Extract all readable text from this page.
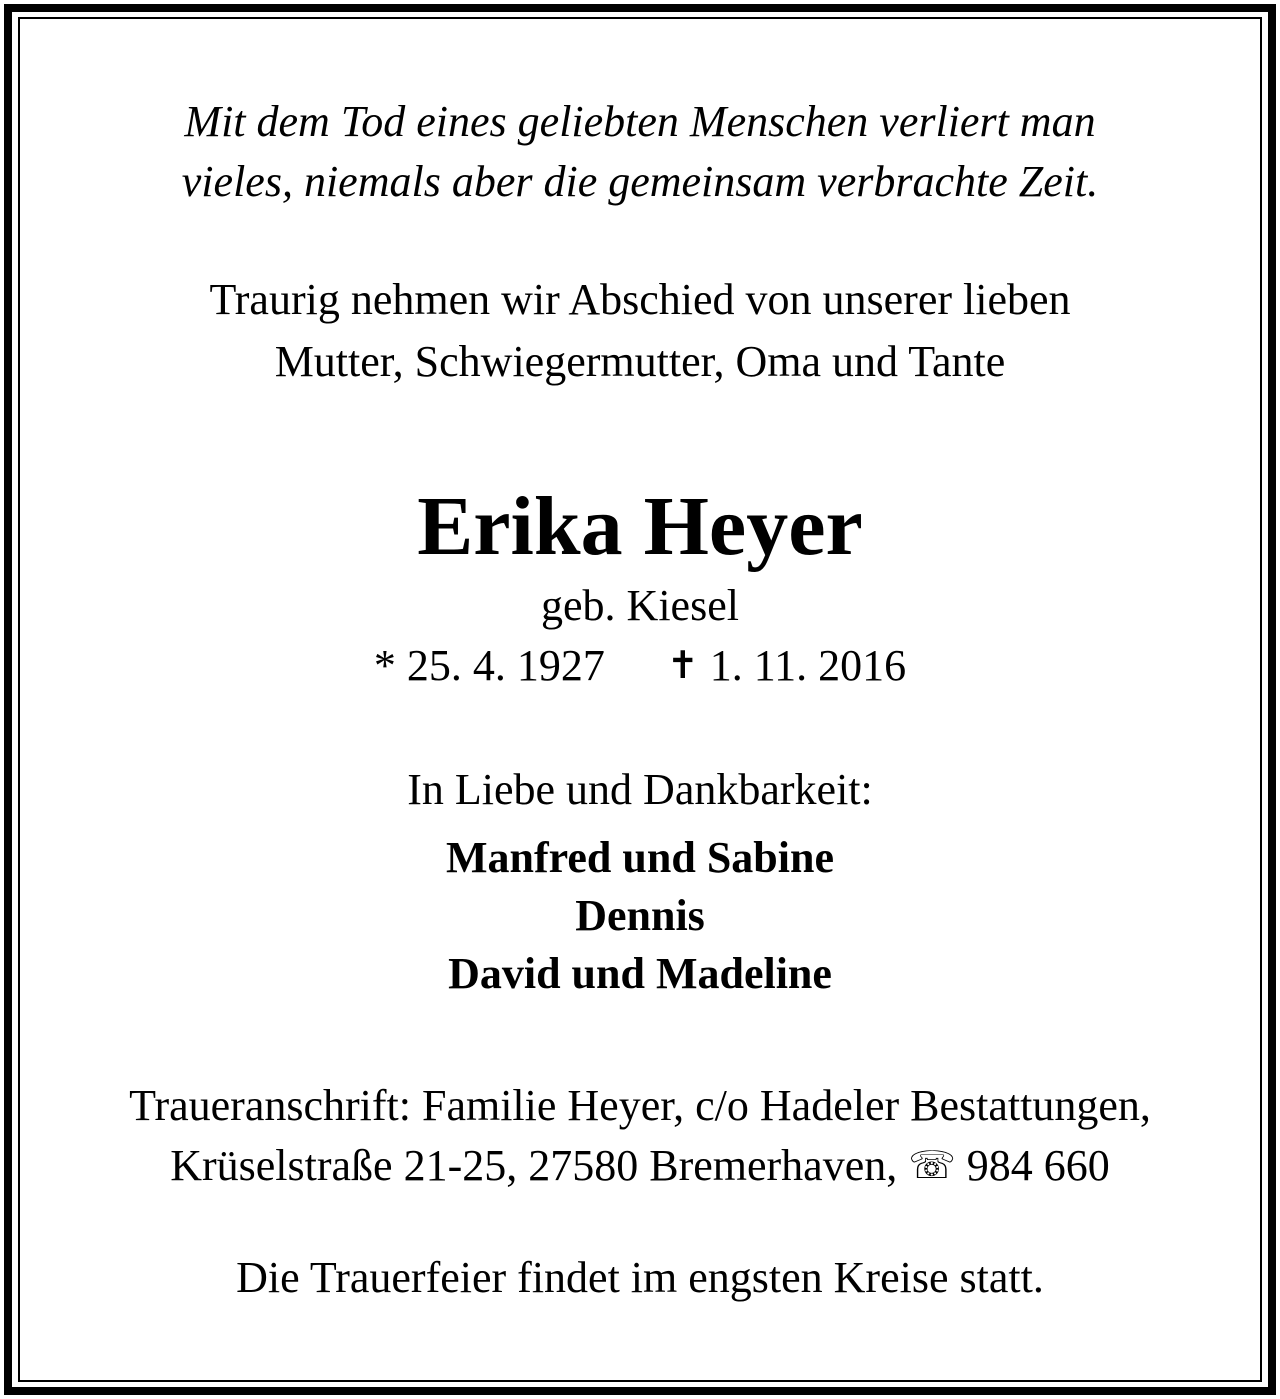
Mit dem Tod eines geliebten Menschen verliert man
vieles, niemals aber die gemeinsam verbrachte Zeit.
Traurig nehmen wir Abschied von unserer lieben
Mutter, Schwiegermutter, Oma und Tante
Erika Heyer
geb. Kiesel
* 25. 4. 1927 ✝ 1. 11. 2016
In Liebe und Dankbarkeit:
Manfred und Sabine
Dennis
David und Madeline
Traueranschrift: Familie Heyer, c/o Hadeler Bestattungen,
Krüselstraße 21-25, 27580 Bremerhaven, ☏ 984 660
Die Trauerfeier findet im engsten Kreise statt.
